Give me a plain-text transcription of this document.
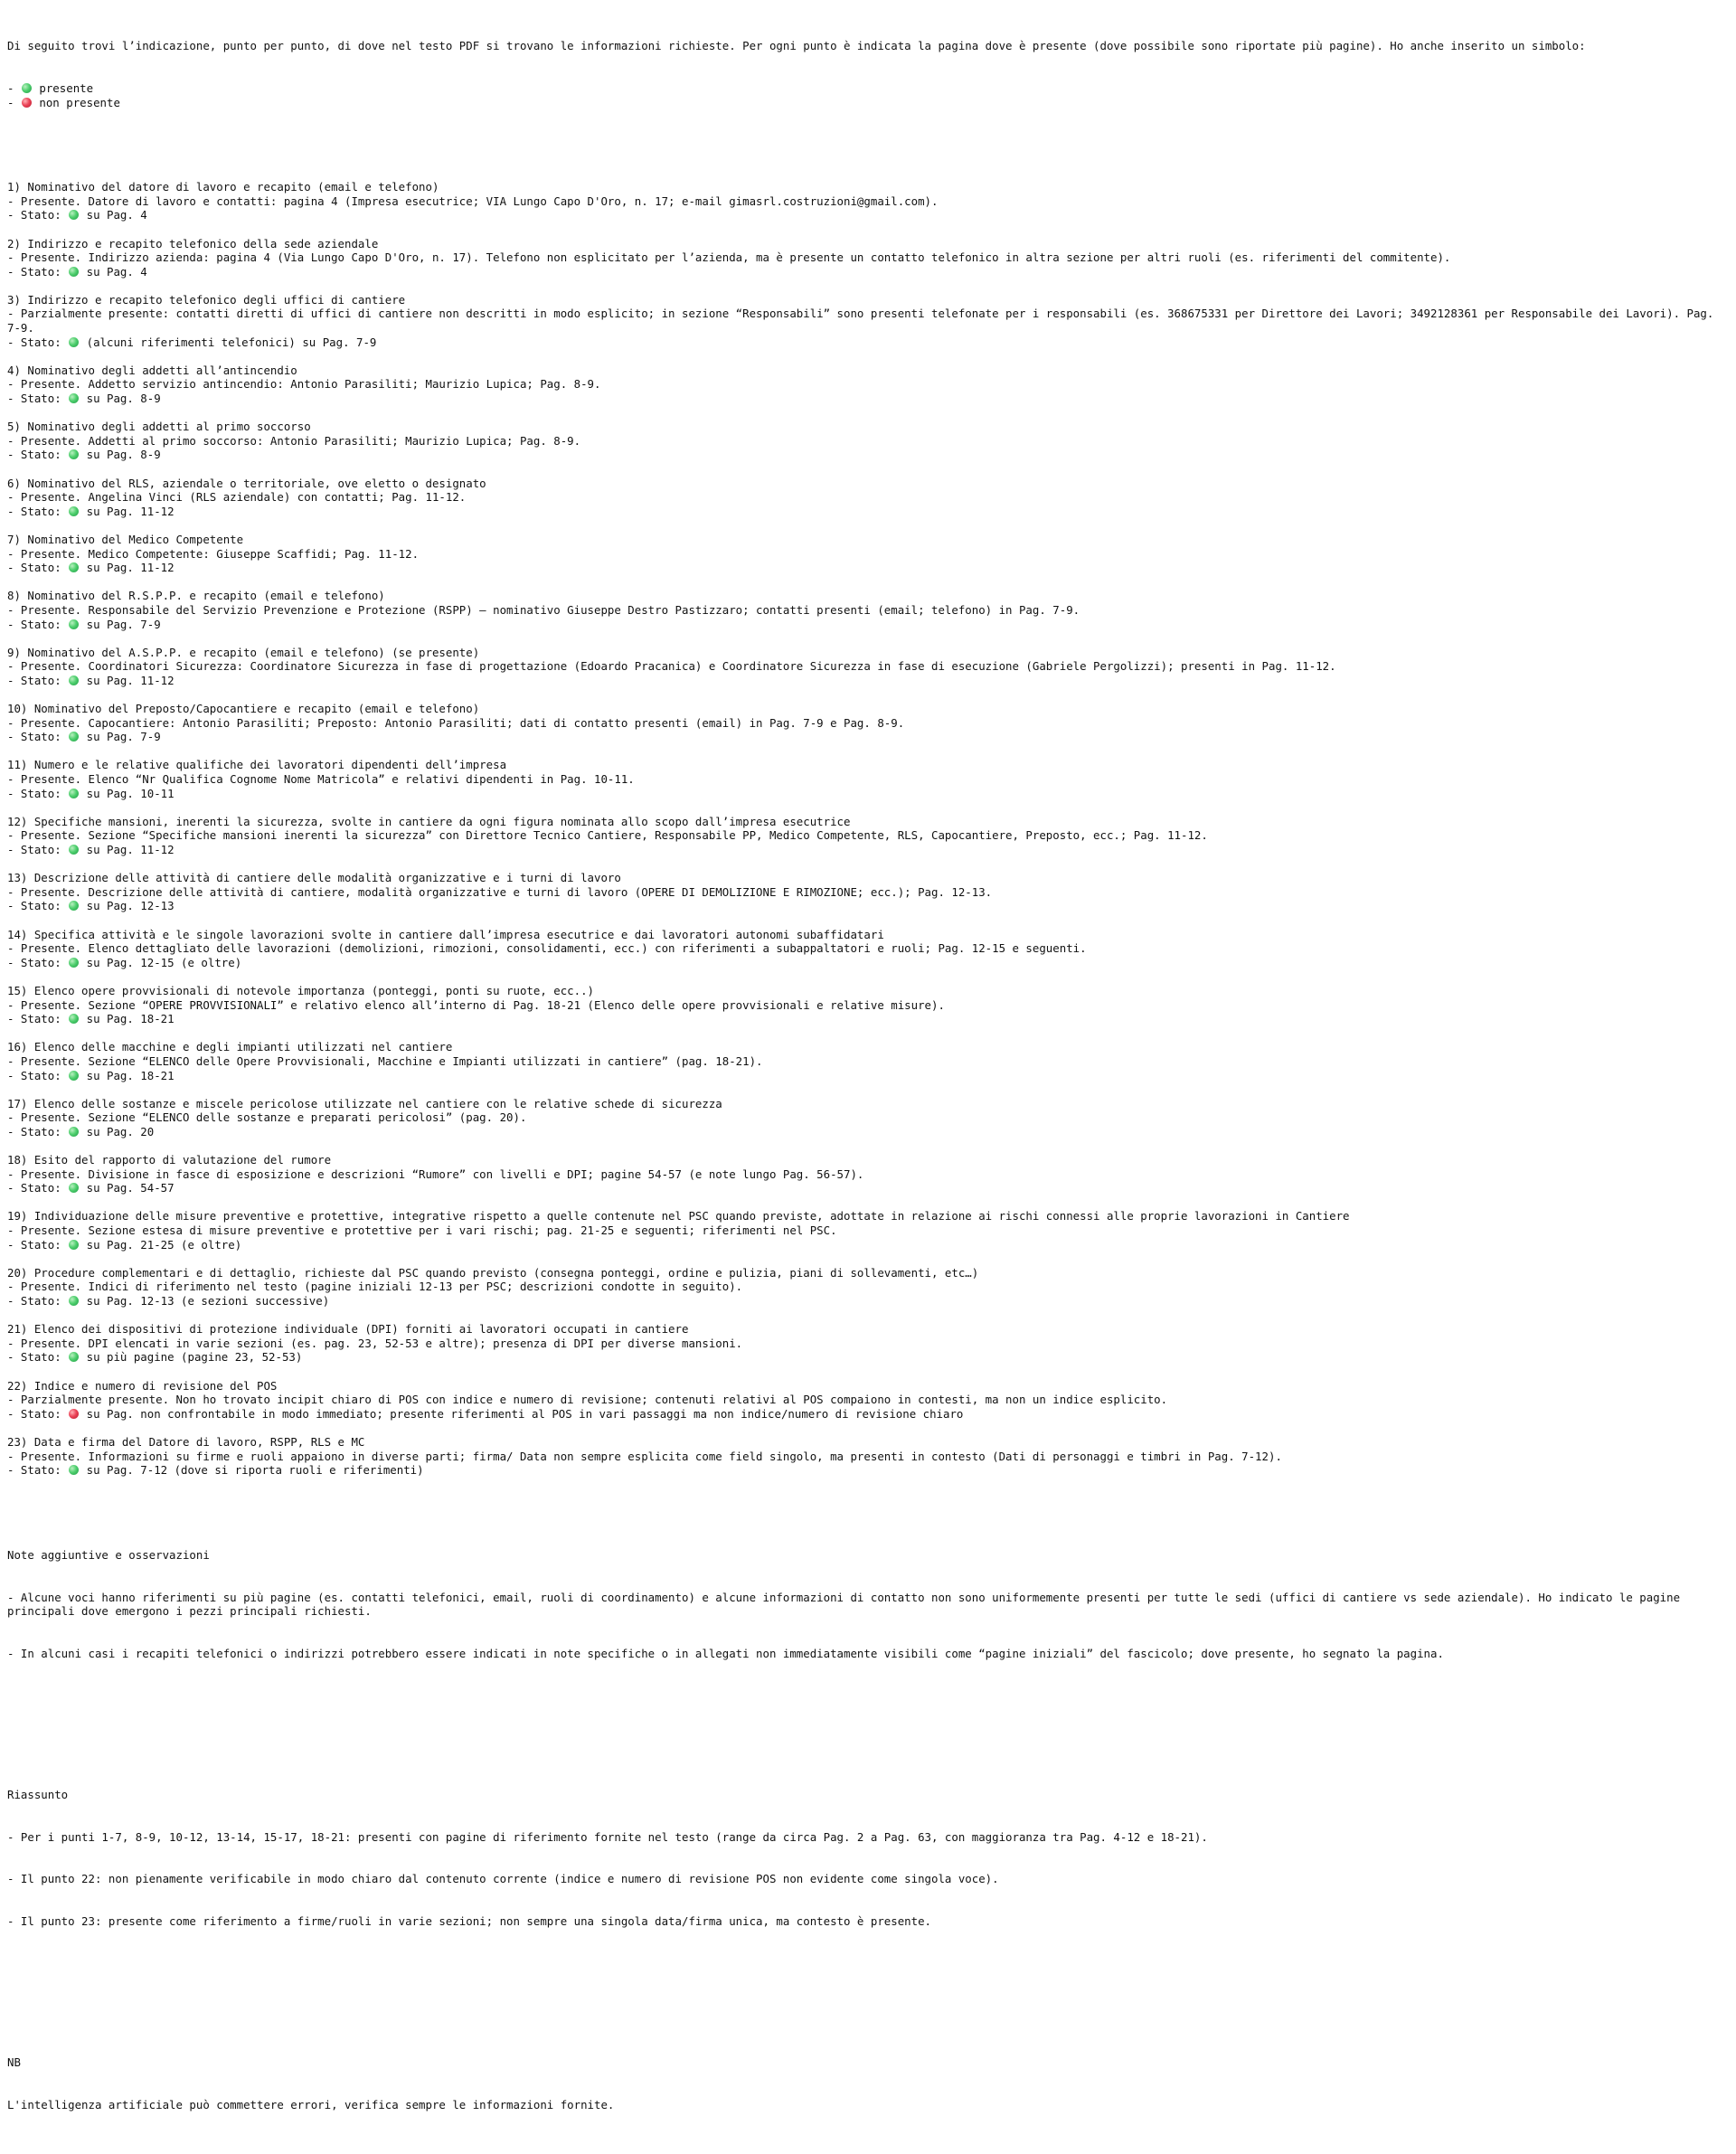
Di seguito trovi l’indicazione, punto per punto, di dove nel testo PDF si trovano le informazioni richieste. Per ogni punto è indicata la pagina dove è presente (dove possibile sono riportate più pagine). Ho anche inserito un simbolo:

-  presente
-  non presente

1) Nominativo del datore di lavoro e recapito (email e telefono)
- Presente. Datore di lavoro e contatti: pagina 4 (Impresa esecutrice; VIA Lungo Capo D'Oro, n. 17; e-mail gimasrl.costruzioni@gmail.com).
- Stato:  su Pag. 4
2) Indirizzo e recapito telefonico della sede aziendale
- Presente. Indirizzo azienda: pagina 4 (Via Lungo Capo D'Oro, n. 17). Telefono non esplicitato per l’azienda, ma è presente un contatto telefonico in altra sezione per altri ruoli (es. riferimenti del commitente).
- Stato:  su Pag. 4
3) Indirizzo e recapito telefonico degli uffici di cantiere
- Parzialmente presente: contatti diretti di uffici di cantiere non descritti in modo esplicito; in sezione “Responsabili” sono presenti telefonate per i responsabili (es. 368675331 per Direttore dei Lavori; 3492128361 per Responsabile dei Lavori). Pag. 7-9.
- Stato:  (alcuni riferimenti telefonici) su Pag. 7-9
4) Nominativo degli addetti all’antincendio
- Presente. Addetto servizio antincendio: Antonio Parasiliti; Maurizio Lupica; Pag. 8-9.
- Stato:  su Pag. 8-9
5) Nominativo degli addetti al primo soccorso
- Presente. Addetti al primo soccorso: Antonio Parasiliti; Maurizio Lupica; Pag. 8-9.
- Stato:  su Pag. 8-9
6) Nominativo del RLS, aziendale o territoriale, ove eletto o designato
- Presente. Angelina Vinci (RLS aziendale) con contatti; Pag. 11-12.
- Stato:  su Pag. 11-12
7) Nominativo del Medico Competente
- Presente. Medico Competente: Giuseppe Scaffidi; Pag. 11-12.
- Stato:  su Pag. 11-12
8) Nominativo del R.S.P.P. e recapito (email e telefono)
- Presente. Responsabile del Servizio Prevenzione e Protezione (RSPP) – nominativo Giuseppe Destro Pastizzaro; contatti presenti (email; telefono) in Pag. 7-9.
- Stato:  su Pag. 7-9
9) Nominativo del A.S.P.P. e recapito (email e telefono) (se presente)
- Presente. Coordinatori Sicurezza: Coordinatore Sicurezza in fase di progettazione (Edoardo Pracanica) e Coordinatore Sicurezza in fase di esecuzione (Gabriele Pergolizzi); presenti in Pag. 11-12.
- Stato:  su Pag. 11-12
10) Nominativo del Preposto/Capocantiere e recapito (email e telefono)
- Presente. Capocantiere: Antonio Parasiliti; Preposto: Antonio Parasiliti; dati di contatto presenti (email) in Pag. 7-9 e Pag. 8-9.
- Stato:  su Pag. 7-9
11) Numero e le relative qualifiche dei lavoratori dipendenti dell’impresa
- Presente. Elenco “Nr Qualifica Cognome Nome Matricola” e relativi dipendenti in Pag. 10-11.
- Stato:  su Pag. 10-11
12) Specifiche mansioni, inerenti la sicurezza, svolte in cantiere da ogni figura nominata allo scopo dall’impresa esecutrice
- Presente. Sezione “Specifiche mansioni inerenti la sicurezza” con Direttore Tecnico Cantiere, Responsabile PP, Medico Competente, RLS, Capocantiere, Preposto, ecc.; Pag. 11-12.
- Stato:  su Pag. 11-12
13) Descrizione delle attività di cantiere delle modalità organizzative e i turni di lavoro
- Presente. Descrizione delle attività di cantiere, modalità organizzative e turni di lavoro (OPERE DI DEMOLIZIONE E RIMOZIONE; ecc.); Pag. 12-13.
- Stato:  su Pag. 12-13
14) Specifica attività e le singole lavorazioni svolte in cantiere dall’impresa esecutrice e dai lavoratori autonomi subaffidatari
- Presente. Elenco dettagliato delle lavorazioni (demolizioni, rimozioni, consolidamenti, ecc.) con riferimenti a subappaltatori e ruoli; Pag. 12-15 e seguenti.
- Stato:  su Pag. 12-15 (e oltre)
15) Elenco opere provvisionali di notevole importanza (ponteggi, ponti su ruote, ecc..)
- Presente. Sezione “OPERE PROVVISIONALI” e relativo elenco all’interno di Pag. 18-21 (Elenco delle opere provvisionali e relative misure).
- Stato:  su Pag. 18-21
16) Elenco delle macchine e degli impianti utilizzati nel cantiere
- Presente. Sezione “ELENCO delle Opere Provvisionali, Macchine e Impianti utilizzati in cantiere” (pag. 18-21).
- Stato:  su Pag. 18-21
17) Elenco delle sostanze e miscele pericolose utilizzate nel cantiere con le relative schede di sicurezza
- Presente. Sezione “ELENCO delle sostanze e preparati pericolosi” (pag. 20).
- Stato:  su Pag. 20
18) Esito del rapporto di valutazione del rumore
- Presente. Divisione in fasce di esposizione e descrizioni “Rumore” con livelli e DPI; pagine 54-57 (e note lungo Pag. 56-57).
- Stato:  su Pag. 54-57
19) Individuazione delle misure preventive e protettive, integrative rispetto a quelle contenute nel PSC quando previste, adottate in relazione ai rischi connessi alle proprie lavorazioni in Cantiere
- Presente. Sezione estesa di misure preventive e protettive per i vari rischi; pag. 21-25 e seguenti; riferimenti nel PSC.
- Stato:  su Pag. 21-25 (e oltre)
20) Procedure complementari e di dettaglio, richieste dal PSC quando previsto (consegna ponteggi, ordine e pulizia, piani di sollevamenti, etc…)
- Presente. Indici di riferimento nel testo (pagine iniziali 12-13 per PSC; descrizioni condotte in seguito).
- Stato:  su Pag. 12-13 (e sezioni successive)
21) Elenco dei dispositivi di protezione individuale (DPI) forniti ai lavoratori occupati in cantiere
- Presente. DPI elencati in varie sezioni (es. pag. 23, 52-53 e altre); presenza di DPI per diverse mansioni.
- Stato:  su più pagine (pagine 23, 52-53)
22) Indice e numero di revisione del POS
- Parzialmente presente. Non ho trovato incipit chiaro di POS con indice e numero di revisione; contenuti relativi al POS compaiono in contesti, ma non un indice esplicito.
- Stato:  su Pag. non confrontabile in modo immediato; presente riferimenti al POS in vari passaggi ma non indice/numero di revisione chiaro
23) Data e firma del Datore di lavoro, RSPP, RLS e MC
- Presente. Informazioni su firme e ruoli appaiono in diverse parti; firma/ Data non sempre esplicita come field singolo, ma presenti in contesto (Dati di personaggi e timbri in Pag. 7-12).
- Stato:  su Pag. 7-12 (dove si riporta ruoli e riferimenti)

Note aggiuntive e osservazioni

- Alcune voci hanno riferimenti su più pagine (es. contatti telefonici, email, ruoli di coordinamento) e alcune informazioni di contatto non sono uniformemente presenti per tutte le sedi (uffici di cantiere vs sede aziendale). Ho indicato le pagine principali dove emergono i pezzi principali richiesti.

- In alcuni casi i recapiti telefonici o indirizzi potrebbero essere indicati in note specifiche o in allegati non immediatamente visibili come “pagine iniziali” del fascicolo; dove presente, ho segnato la pagina.

Riassunto

- Per i punti 1-7, 8-9, 10-12, 13-14, 15-17, 18-21: presenti con pagine di riferimento fornite nel testo (range da circa Pag. 2 a Pag. 63, con maggioranza tra Pag. 4-12 e 18-21).

- Il punto 22: non pienamente verificabile in modo chiaro dal contenuto corrente (indice e numero di revisione POS non evidente come singola voce).

- Il punto 23: presente come riferimento a firme/ruoli in varie sezioni; non sempre una singola data/firma unica, ma contesto è presente.

NB

L'intelligenza artificiale può commettere errori, verifica sempre le informazioni fornite.
